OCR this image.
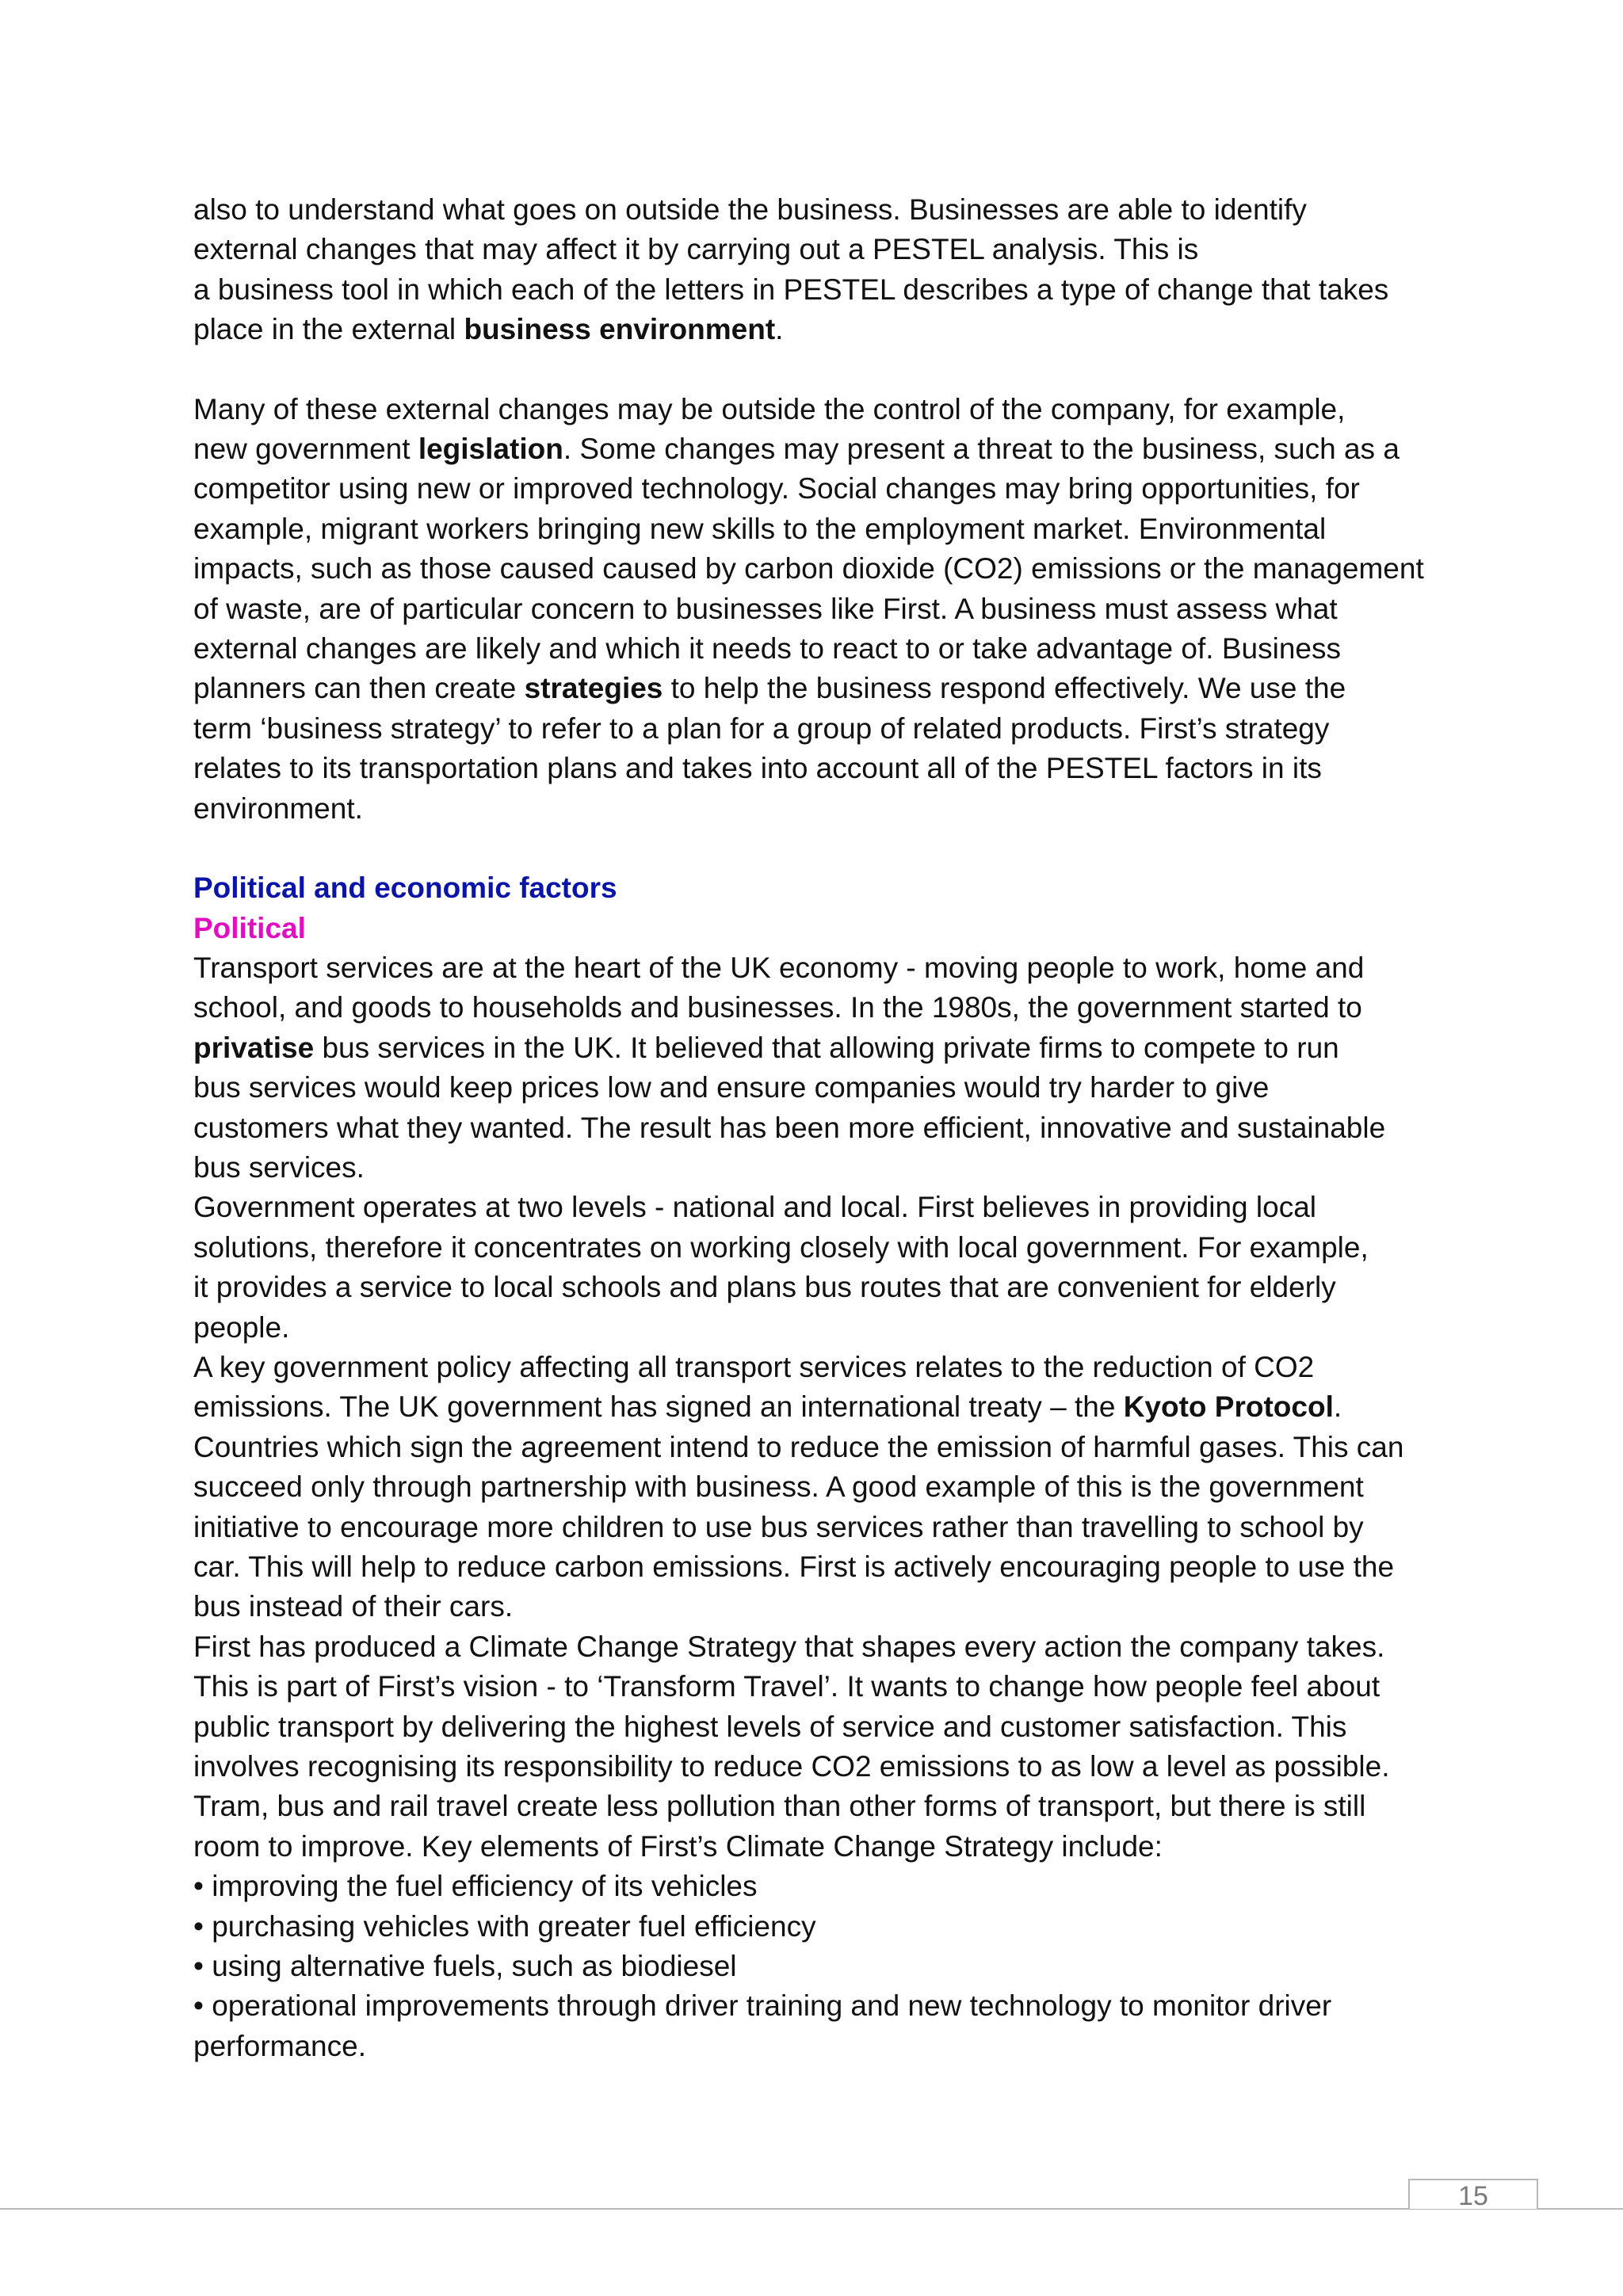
also to understand what goes on outside the business. Businesses are able to identify
external changes that may affect it by carrying out a PESTEL analysis. This is
a business tool in which each of the letters in PESTEL describes a type of change that takes
place in the external business environment.

Many of these external changes may be outside the control of the company, for example,
new government legislation. Some changes may present a threat to the business, such as a
competitor using new or improved technology. Social changes may bring opportunities, for
example, migrant workers bringing new skills to the employment market. Environmental
impacts, such as those caused caused by carbon dioxide (CO2) emissions or the management
of waste, are of particular concern to businesses like First. A business must assess what
external changes are likely and which it needs to react to or take advantage of. Business
planners can then create strategies to help the business respond effectively. We use the
term ‘business strategy’ to refer to a plan for a group of related products. First’s strategy
relates to its transportation plans and takes into account all of the PESTEL factors in its
environment.

Political and economic factors
Political

Transport services are at the heart of the UK economy - moving people to work, home and
school, and goods to households and businesses. In the 1980s, the government started to
privatise bus services in the UK. It believed that allowing private firms to compete to run
bus services would keep prices low and ensure companies would try harder to give
customers what they wanted. The result has been more efficient, innovative and sustainable
bus services.
Government operates at two levels - national and local. First believes in providing local
solutions, therefore it concentrates on working closely with local government. For example,
it provides a service to local schools and plans bus routes that are convenient for elderly
people.
A key government policy affecting all transport services relates to the reduction of CO2
emissions. The UK government has signed an international treaty – the Kyoto Protocol.
Countries which sign the agreement intend to reduce the emission of harmful gases. This can
succeed only through partnership with business. A good example of this is the government
initiative to encourage more children to use bus services rather than travelling to school by
car. This will help to reduce carbon emissions. First is actively encouraging people to use the
bus instead of their cars.
First has produced a Climate Change Strategy that shapes every action the company takes.
This is part of First’s vision - to ‘Transform Travel’. It wants to change how people feel about
public transport by delivering the highest levels of service and customer satisfaction. This
involves recognising its responsibility to reduce CO2 emissions to as low a level as possible.
Tram, bus and rail travel create less pollution than other forms of transport, but there is still
room to improve. Key elements of First’s Climate Change Strategy include:

• improving the fuel efficiency of its vehicles
• purchasing vehicles with greater fuel efficiency
• using alternative fuels, such as biodiesel
• operational improvements through driver training and new technology to monitor driver

performance.

15
